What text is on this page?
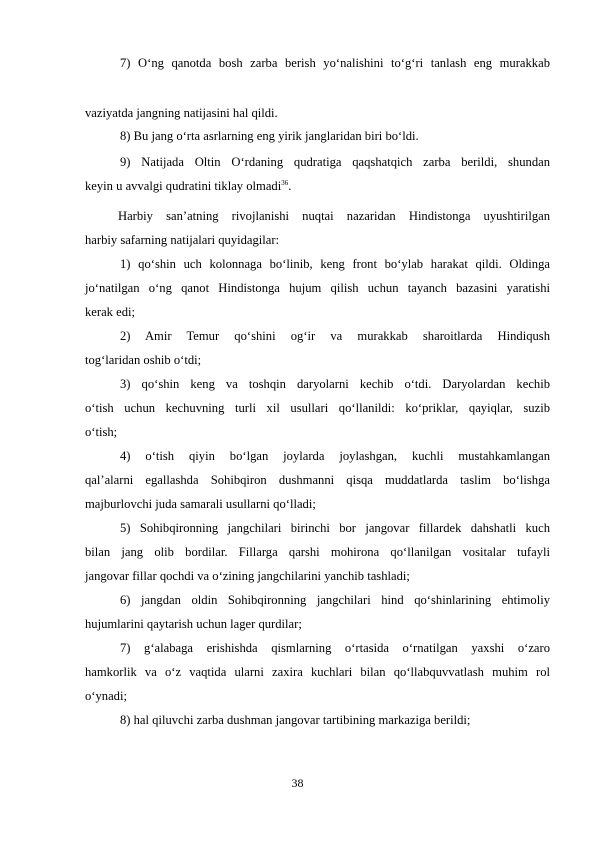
7) O‘ng qanotda bosh zarba berish yo‘nalishini to‘g‘ri tanlash eng murakkab
vaziyatda jangning natijasini hal qildi.
8) Bu jang o‘rta asrlarning eng yirik janglaridan biri bo‘ldi.
9) Natijada Oltin O‘rdaning qudratiga qaqshatqich zarba berildi, shundan
keyin u avvalgi qudratini tiklay olmadi$^{36}$.
Harbiy san’atning rivojlanishi nuqtai nazaridan Hindistonga uyushtirilgan
harbiy safarning natijalari quyidagilar:
1) qo‘shin uch kolonnaga bo‘linib, keng front bo‘ylab harakat qildi. Oldinga
jo‘natilgan o‘ng qanot Hindistonga hujum qilish uchun tayanch bazasini yaratishi
kerak edi;
2) Amir Temur qo‘shini og‘ir va murakkab sharoitlarda Hindiqush
tog‘laridan oshib o‘tdi;
3) qo‘shin keng va toshqin daryolarni kechib o‘tdi. Daryolardan kechib
o‘tish uchun kechuvning turli xil usullari qo‘llanildi: ko‘priklar, qayiqlar, suzib
o‘tish;
4) o‘tish qiyin bo‘lgan joylarda joylashgan, kuchli mustahkamlangan
qal’alarni egallashda Sohibqiron dushmanni qisqa muddatlarda taslim bo‘lishga
majburlovchi juda samarali usullarni qo‘lladi;
5) Sohibqironning jangchilari birinchi bor jangovar fillardek dahshatli kuch
bilan jang olib bordilar. Fillarga qarshi mohirona qo‘llanilgan vositalar tufayli
jangovar fillar qochdi va o‘zining jangchilarini yanchib tashladi;
6) jangdan oldin Sohibqironning jangchilari hind qo‘shinlarining ehtimoliy
hujumlarini qaytarish uchun lager qurdilar;
7) g‘alabaga erishishda qismlarning o‘rtasida o‘rnatilgan yaxshi o‘zaro
hamkorlik va o‘z vaqtida ularni zaxira kuchlari bilan qo‘llabquvvatlash muhim rol
o‘ynadi;
8) hal qiluvchi zarba dushman jangovar tartibining markaziga berildi;
38
